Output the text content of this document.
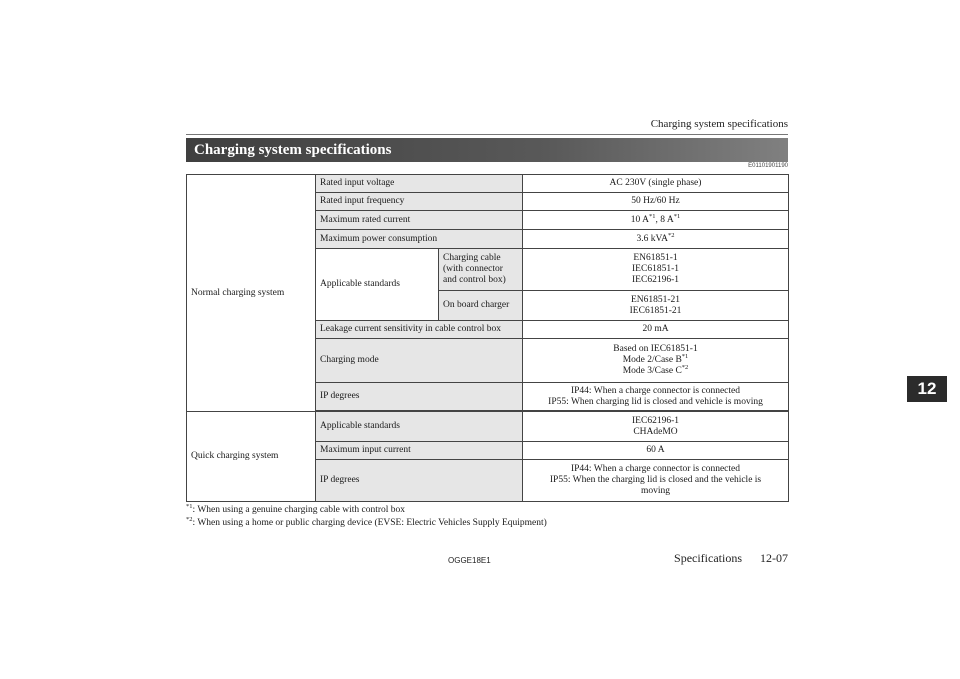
Charging system specifications
Charging system specifications
E01101901190
Normal charging system	Rated input voltage		AC 230V (single phase)
	Rated input frequency		50 Hz/60 Hz
	Maximum rated current		10 $A^{*1}$, 8 $A^{*1}$
	Maximum power consumption		3.6 kVA$^{*2}$
	Applicable standards	Charging cable
(with connector
and control box)	EN61851-1
IEC61851-1
IEC62196-1

		On board charger	EN61851-21
IEC61851-21

	Leakage current sensitivity in cable control box		20 mA
	Charging mode		Based on IEC61851-1
Mode 2/Case $B^{*1}$
Mode 3/Case $C^{*2}$

	IP degrees		IP44: When a charge connector is connected
IP55: When charging lid is closed and vehicle is moving

Quick charging system	Applicable standards		IEC62196-1
CHAdeMO

	Maximum input current		60 A
	IP degrees		IP44: When a charge connector is connected
IP55: When the charging lid is closed and the vehicle is
moving
$^{*1}$: When using a genuine charging cable with control box
$^{*2}$: When using a home or public charging device (EVSE: Electric Vehicles Supply Equipment)
OGGE18E1	Specifications 12-07
12
